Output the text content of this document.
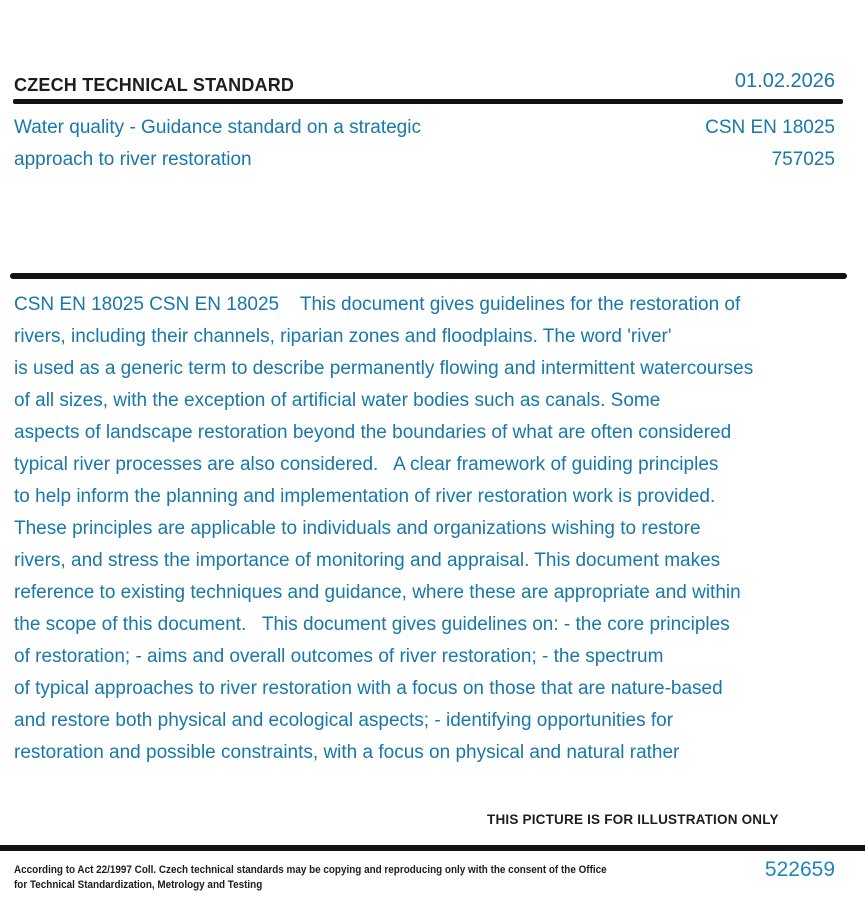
CZECH TECHNICAL STANDARD	01.02.2026
Water quality - Guidance standard on a strategic
approach to river restoration
CSN EN 18025
757025
CSN EN 18025 CSN EN 18025    This document gives guidelines for the restoration of
rivers, including their channels, riparian zones and floodplains. The word 'river'
is used as a generic term to describe permanently flowing and intermittent watercourses
of all sizes, with the exception of artificial water bodies such as canals. Some
aspects of landscape restoration beyond the boundaries of what are often considered
typical river processes are also considered.   A clear framework of guiding principles
to help inform the planning and implementation of river restoration work is provided.
These principles are applicable to individuals and organizations wishing to restore
rivers, and stress the importance of monitoring and appraisal. This document makes
reference to existing techniques and guidance, where these are appropriate and within
the scope of this document.   This document gives guidelines on: - the core principles
of restoration; - aims and overall outcomes of river restoration; - the spectrum
of typical approaches to river restoration with a focus on those that are nature-based
and restore both physical and ecological aspects; - identifying opportunities for
restoration and possible constraints, with a focus on physical and natural rather
THIS PICTURE IS FOR ILLUSTRATION ONLY
According to Act 22/1997 Coll. Czech technical standards may be copying and reproducing only with the consent of the Office
for Technical Standardization, Metrology and Testing
522659
